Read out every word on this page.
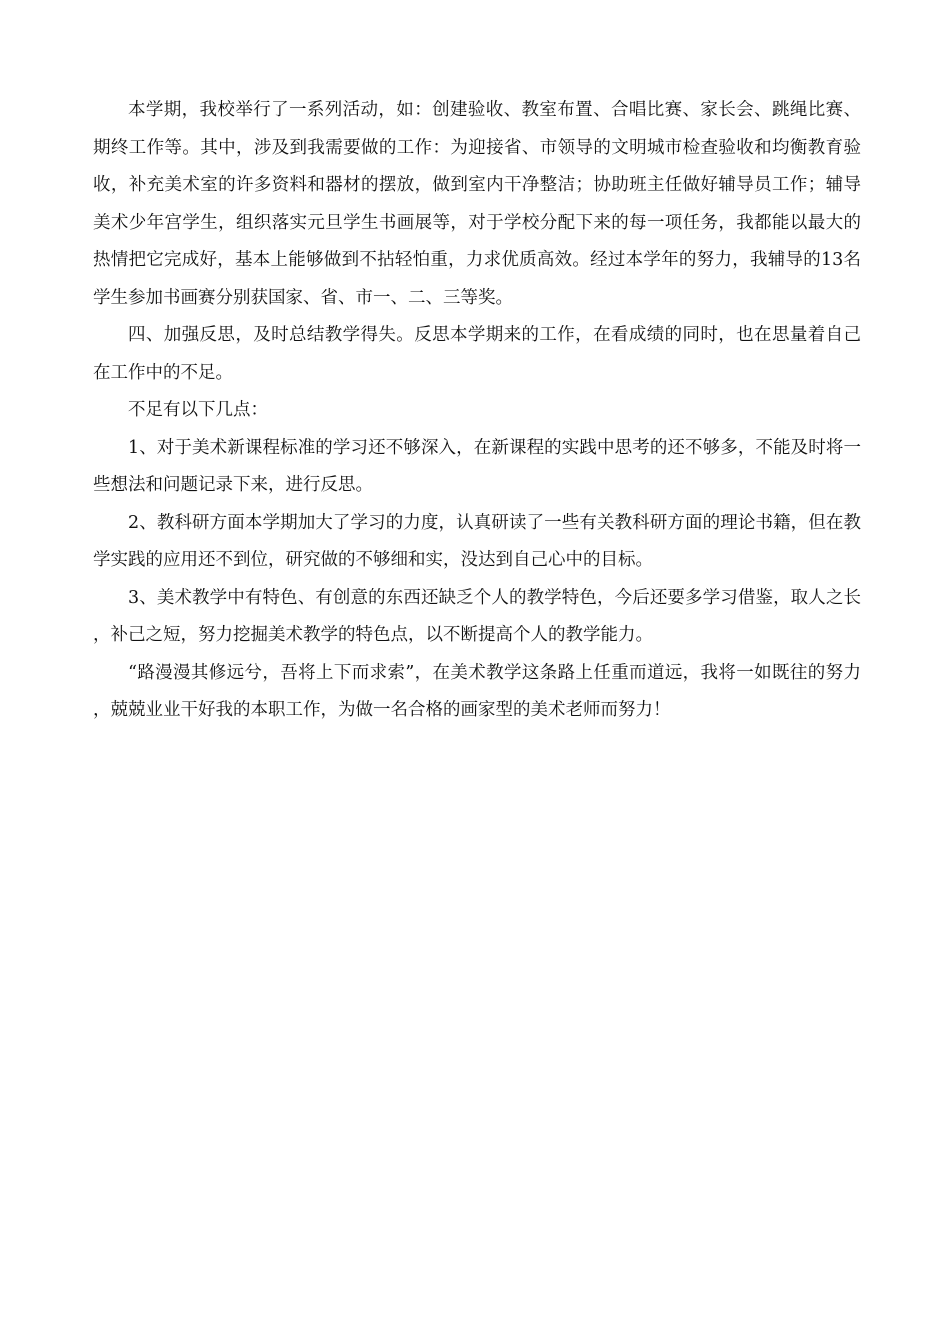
本学期，我校举行了一系列活动，如：创建验收、教室布置、合唱比赛、家长会、跳绳比赛、期终工作等。其中，涉及到我需要做的工作：为迎接省、市领导的文明城市检查验收和均衡教育验收，补充美术室的许多资料和器材的摆放，做到室内干净整洁；协助班主任做好辅导员工作；辅导美术少年宫学生，组织落实元旦学生书画展等，对于学校分配下来的每一项任务，我都能以最大的热情把它完成好，基本上能够做到不拈轻怕重，力求优质高效。经过本学年的努力，我辅导的13名学生参加书画赛分别获国家、省、市一、二、三等奖。

四、加强反思，及时总结教学得失。反思本学期来的工作，在看成绩的同时，也在思量着自己在工作中的不足。

不足有以下几点：

1、对于美术新课程标准的学习还不够深入，在新课程的实践中思考的还不够多，不能及时将一些想法和问题记录下来，进行反思。

2、教科研方面本学期加大了学习的力度，认真研读了一些有关教科研方面的理论书籍，但在教学实践的应用还不到位，研究做的不够细和实，没达到自己心中的目标。

3、美术教学中有特色、有创意的东西还缺乏个人的教学特色，今后还要多学习借鉴，取人之长，补己之短，努力挖掘美术教学的特色点，以不断提高个人的教学能力。

“路漫漫其修远兮，吾将上下而求索”，在美术教学这条路上任重而道远，我将一如既往的努力，兢兢业业干好我的本职工作，为做一名合格的画家型的美术老师而努力！
